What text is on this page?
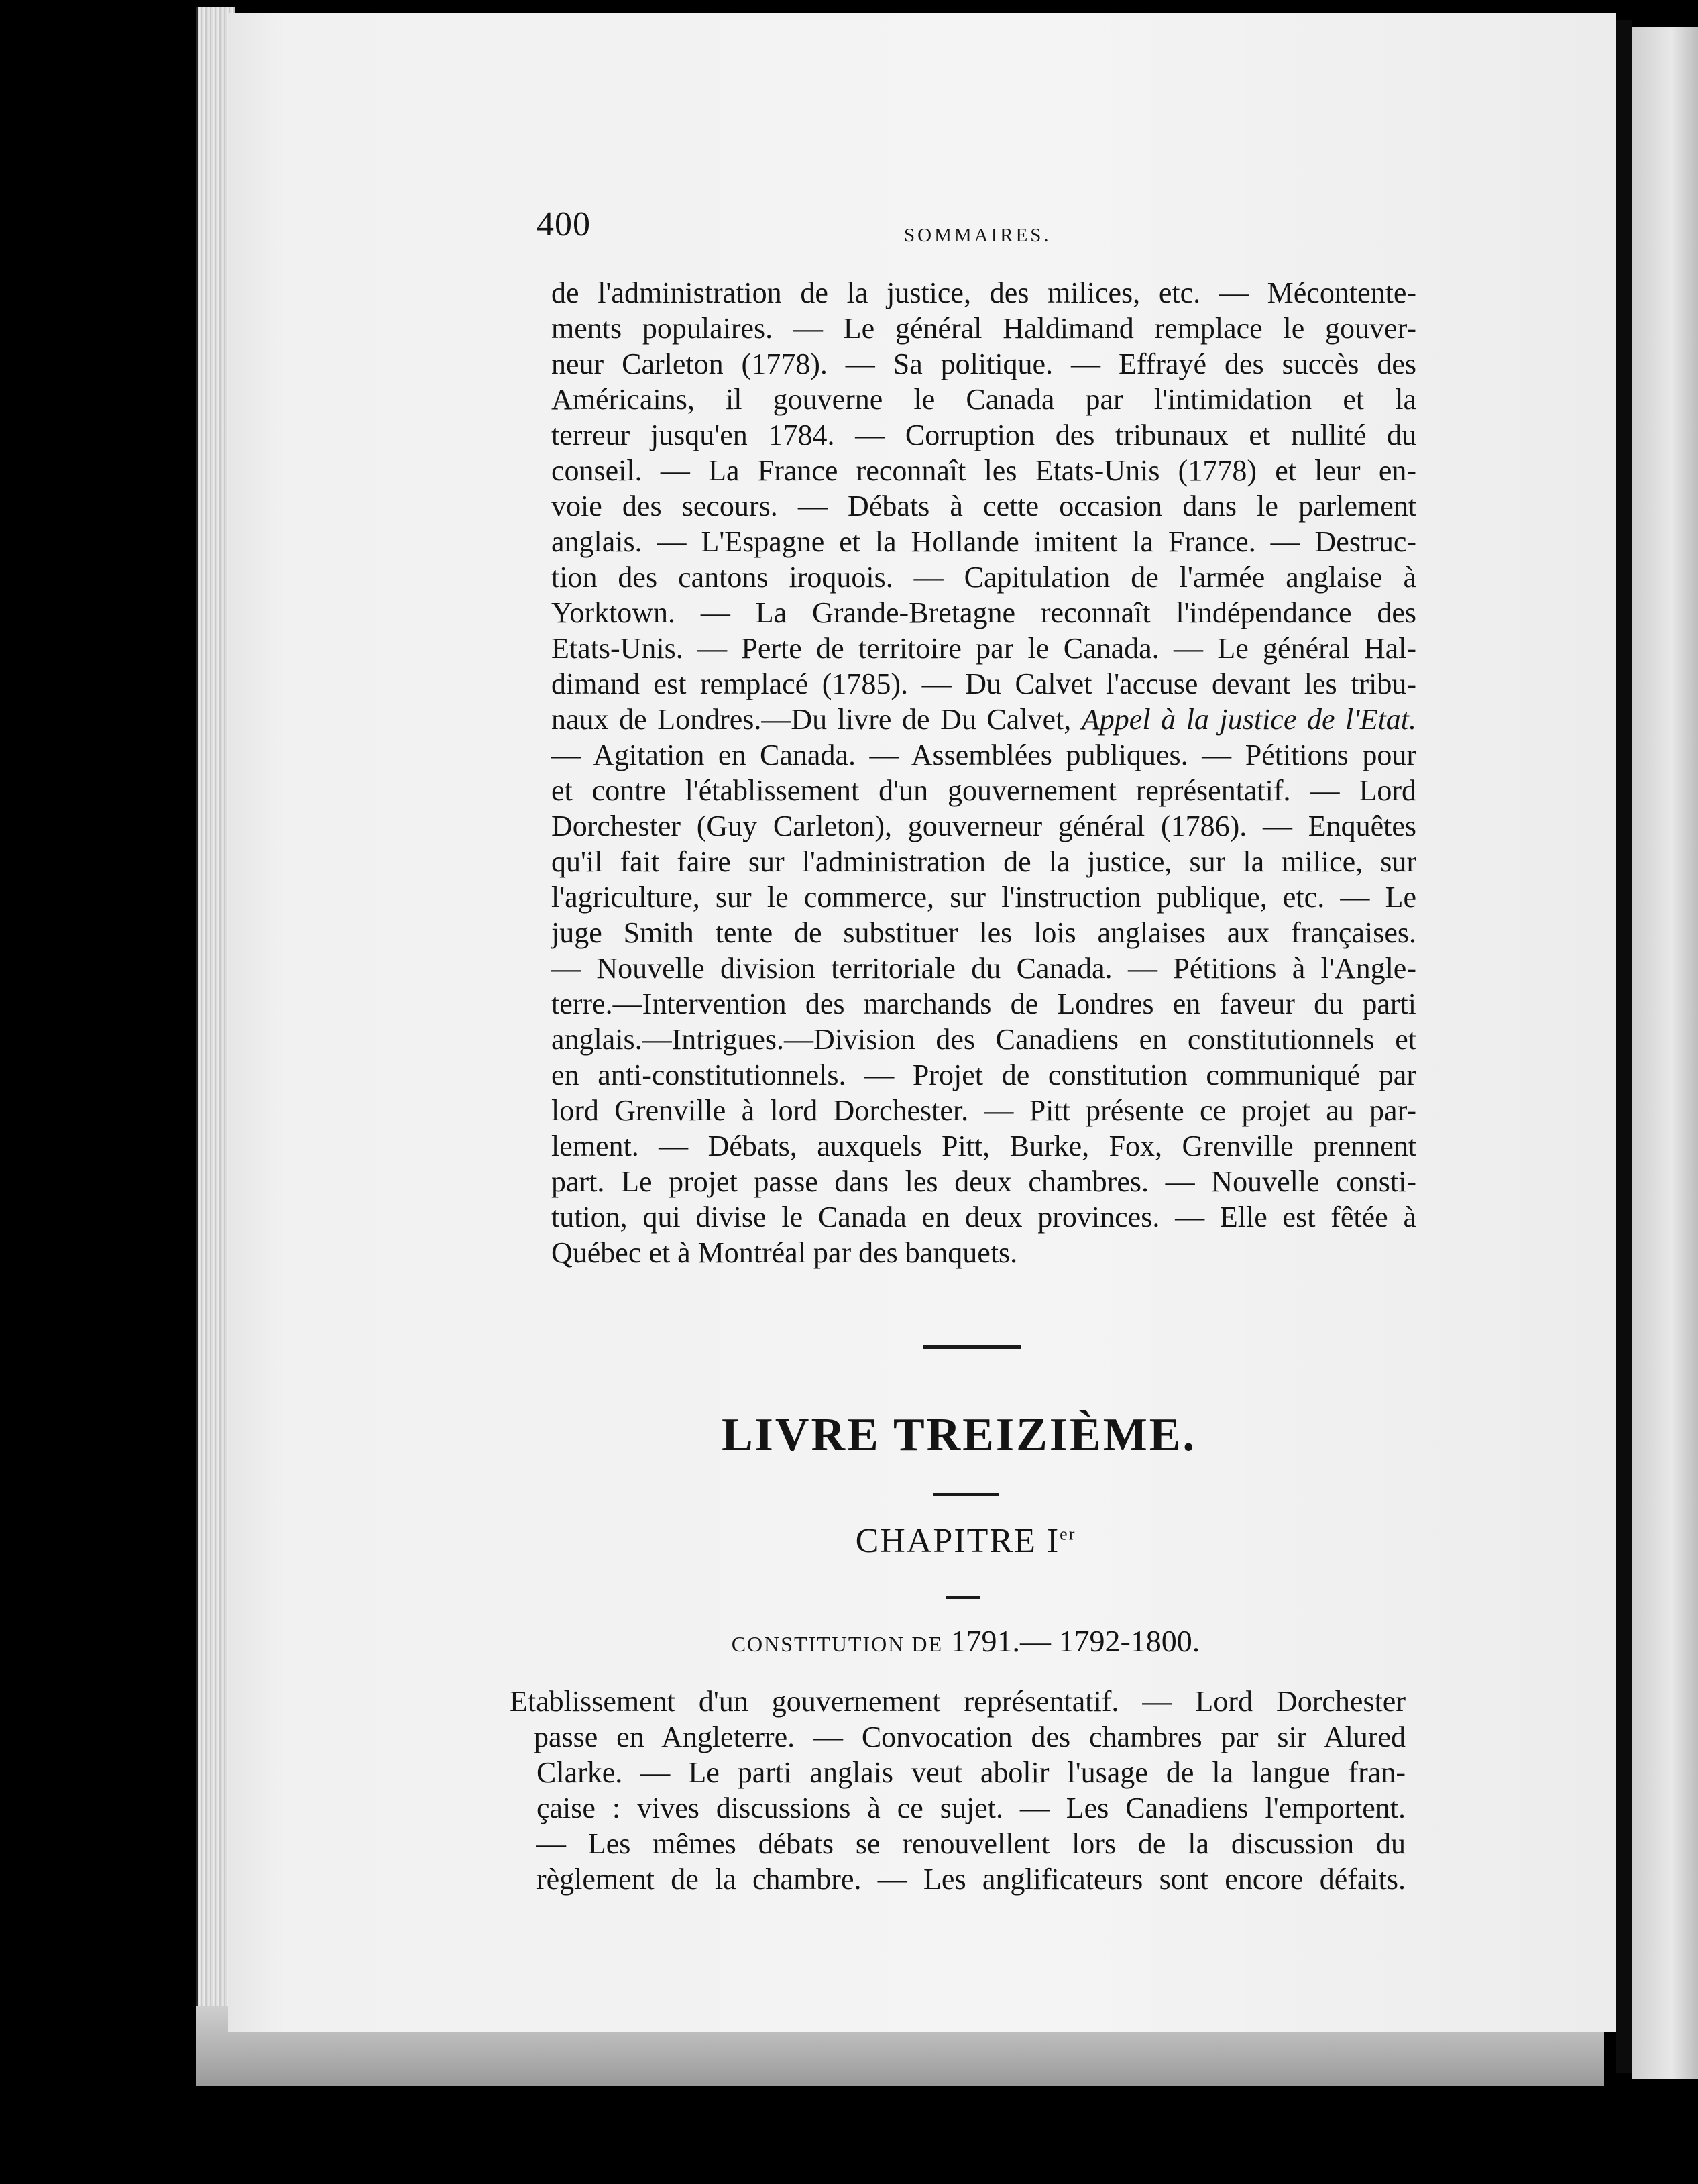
400	SOMMAIRES.
de l'administration de la justice, des milices, etc. — Mécontente-
ments populaires. — Le général Haldimand remplace le gouver-
neur Carleton (1778). — Sa politique. — Effrayé des succès des
Américains, il gouverne le Canada par l'intimidation et la
terreur jusqu'en 1784. — Corruption des tribunaux et nullité du
conseil. — La France reconnaît les Etats-Unis (1778) et leur en-
voie des secours. — Débats à cette occasion dans le parlement
anglais. — L'Espagne et la Hollande imitent la France. — Destruc-
tion des cantons iroquois. — Capitulation de l'armée anglaise à
Yorktown. — La Grande-Bretagne reconnaît l'indépendance des
Etats-Unis. — Perte de territoire par le Canada. — Le général Hal-
dimand est remplacé (1785). — Du Calvet l'accuse devant les tribu-
naux de Londres.—Du livre de Du Calvet, Appel à la justice de l'Etat.
— Agitation en Canada. — Assemblées publiques. — Pétitions pour
et contre l'établissement d'un gouvernement représentatif. — Lord
Dorchester (Guy Carleton), gouverneur général (1786). — Enquêtes
qu'il fait faire sur l'administration de la justice, sur la milice, sur
l'agriculture, sur le commerce, sur l'instruction publique, etc. — Le
juge Smith tente de substituer les lois anglaises aux françaises.
— Nouvelle division territoriale du Canada. — Pétitions à l'Angle-
terre.—Intervention des marchands de Londres en faveur du parti
anglais.—Intrigues.—Division des Canadiens en constitutionnels et
en anti-constitutionnels. — Projet de constitution communiqué par
lord Grenville à lord Dorchester. — Pitt présente ce projet au par-
lement. — Débats, auxquels Pitt, Burke, Fox, Grenville prennent
part. Le projet passe dans les deux chambres. — Nouvelle consti-
tution, qui divise le Canada en deux provinces. — Elle est fêtée à
Québec et à Montréal par des banquets.
LIVRE TREIZIÈME.
CHAPITRE Ier
CONSTITUTION DE 1791.— 1792-1800.
Etablissement d'un gouvernement représentatif. — Lord Dorchester
passe en Angleterre. — Convocation des chambres par sir Alured
Clarke. — Le parti anglais veut abolir l'usage de la langue fran-
çaise : vives discussions à ce sujet. — Les Canadiens l'emportent.
— Les mêmes débats se renouvellent lors de la discussion du
règlement de la chambre. — Les anglificateurs sont encore défaits.
